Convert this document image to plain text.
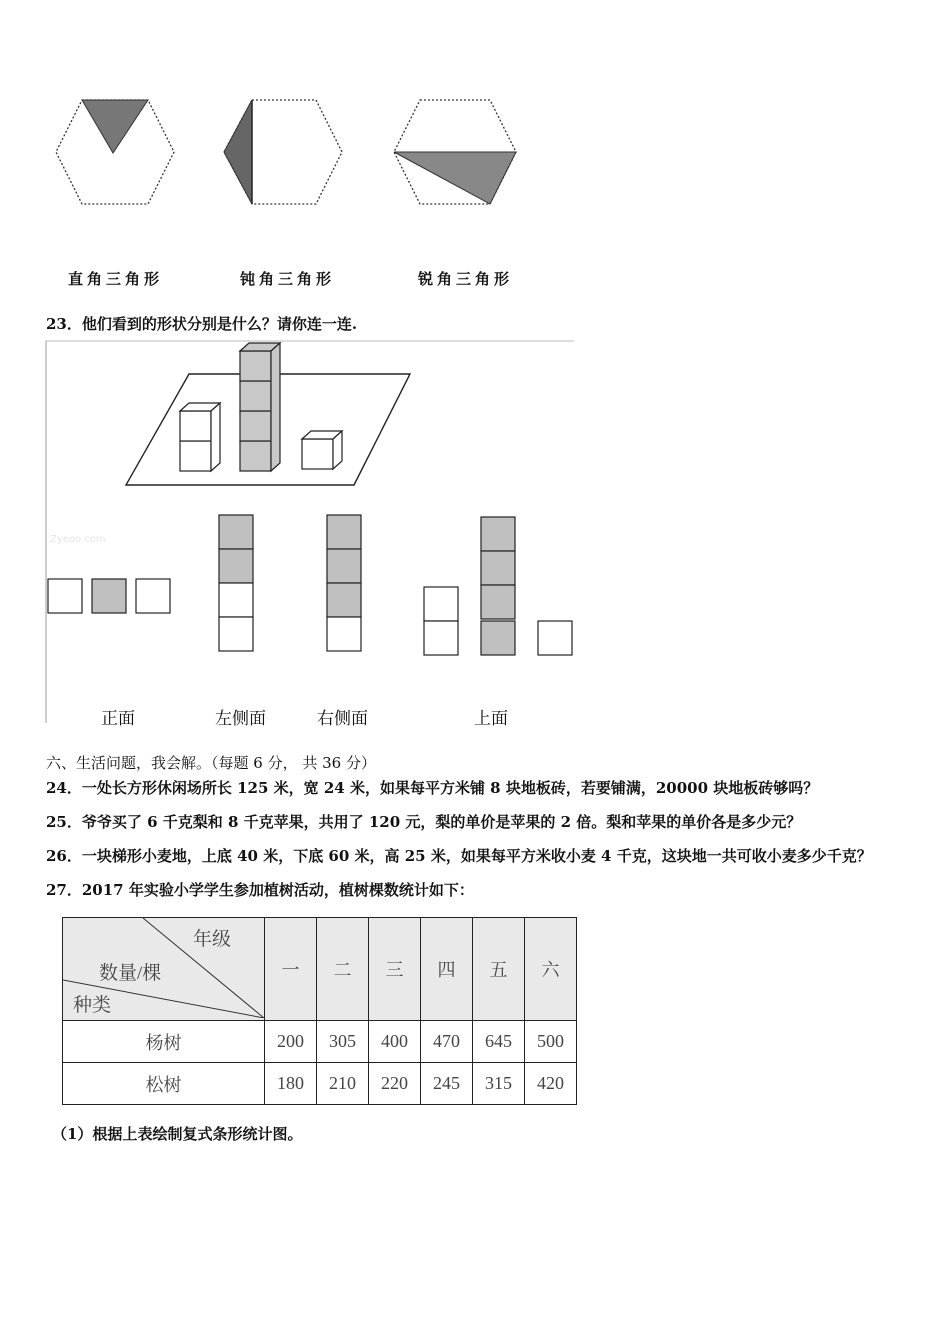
直角三角形	钝角三角形	锐角三角形
23．他们看到的形状分别是什么？请你连一连.
Zyeoo.com
正面	左侧面	右侧面	上面
六、生活问题，我会解。（每题 6 分， 共 36 分）
24．一处长方形休闲场所长 125 米，宽 24 米，如果每平方米铺 8 块地板砖，若要铺满，20000 块地板砖够吗？
25．爷爷买了 6 千克梨和 8 千克苹果，共用了 120 元，梨的单价是苹果的 2 倍。梨和苹果的单价各是多少元？
26．一块梯形小麦地，上底 40 米，下底 60 米，高 25 米，如果每平方米收小麦 4 千克，这块地一共可收小麦多少千克？
27．2017 年实验小学学生参加植树活动，植树棵数统计如下：
年级
数量/棵
种类	一	二	三	四	五	六
杨树	200	305	400	470	645	500
松树	180	210	220	245	315	420
（1）根据上表绘制复式条形统计图。
